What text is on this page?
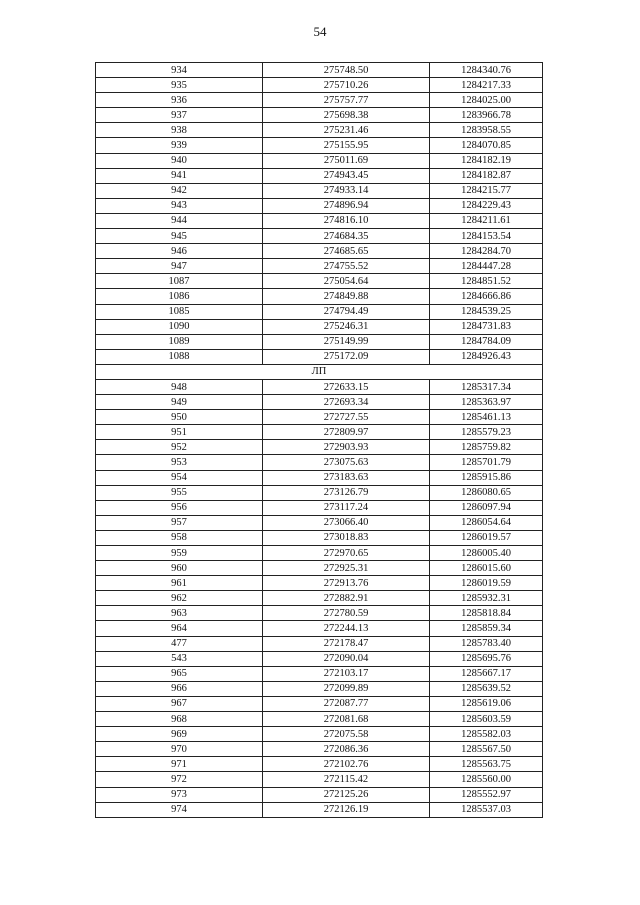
54
934	275748.50	1284340.76
935	275710.26	1284217.33
936	275757.77	1284025.00
937	275698.38	1283966.78
938	275231.46	1283958.55
939	275155.95	1284070.85
940	275011.69	1284182.19
941	274943.45	1284182.87
942	274933.14	1284215.77
943	274896.94	1284229.43
944	274816.10	1284211.61
945	274684.35	1284153.54
946	274685.65	1284284.70
947	274755.52	1284447.28
1087	275054.64	1284851.52
1086	274849.88	1284666.86
1085	274794.49	1284539.25
1090	275246.31	1284731.83
1089	275149.99	1284784.09
1088	275172.09	1284926.43
ЛП		
948	272633.15	1285317.34
949	272693.34	1285363.97
950	272727.55	1285461.13
951	272809.97	1285579.23
952	272903.93	1285759.82
953	273075.63	1285701.79
954	273183.63	1285915.86
955	273126.79	1286080.65
956	273117.24	1286097.94
957	273066.40	1286054.64
958	273018.83	1286019.57
959	272970.65	1286005.40
960	272925.31	1286015.60
961	272913.76	1286019.59
962	272882.91	1285932.31
963	272780.59	1285818.84
964	272244.13	1285859.34
477	272178.47	1285783.40
543	272090.04	1285695.76
965	272103.17	1285667.17
966	272099.89	1285639.52
967	272087.77	1285619.06
968	272081.68	1285603.59
969	272075.58	1285582.03
970	272086.36	1285567.50
971	272102.76	1285563.75
972	272115.42	1285560.00
973	272125.26	1285552.97
974	272126.19	1285537.03
